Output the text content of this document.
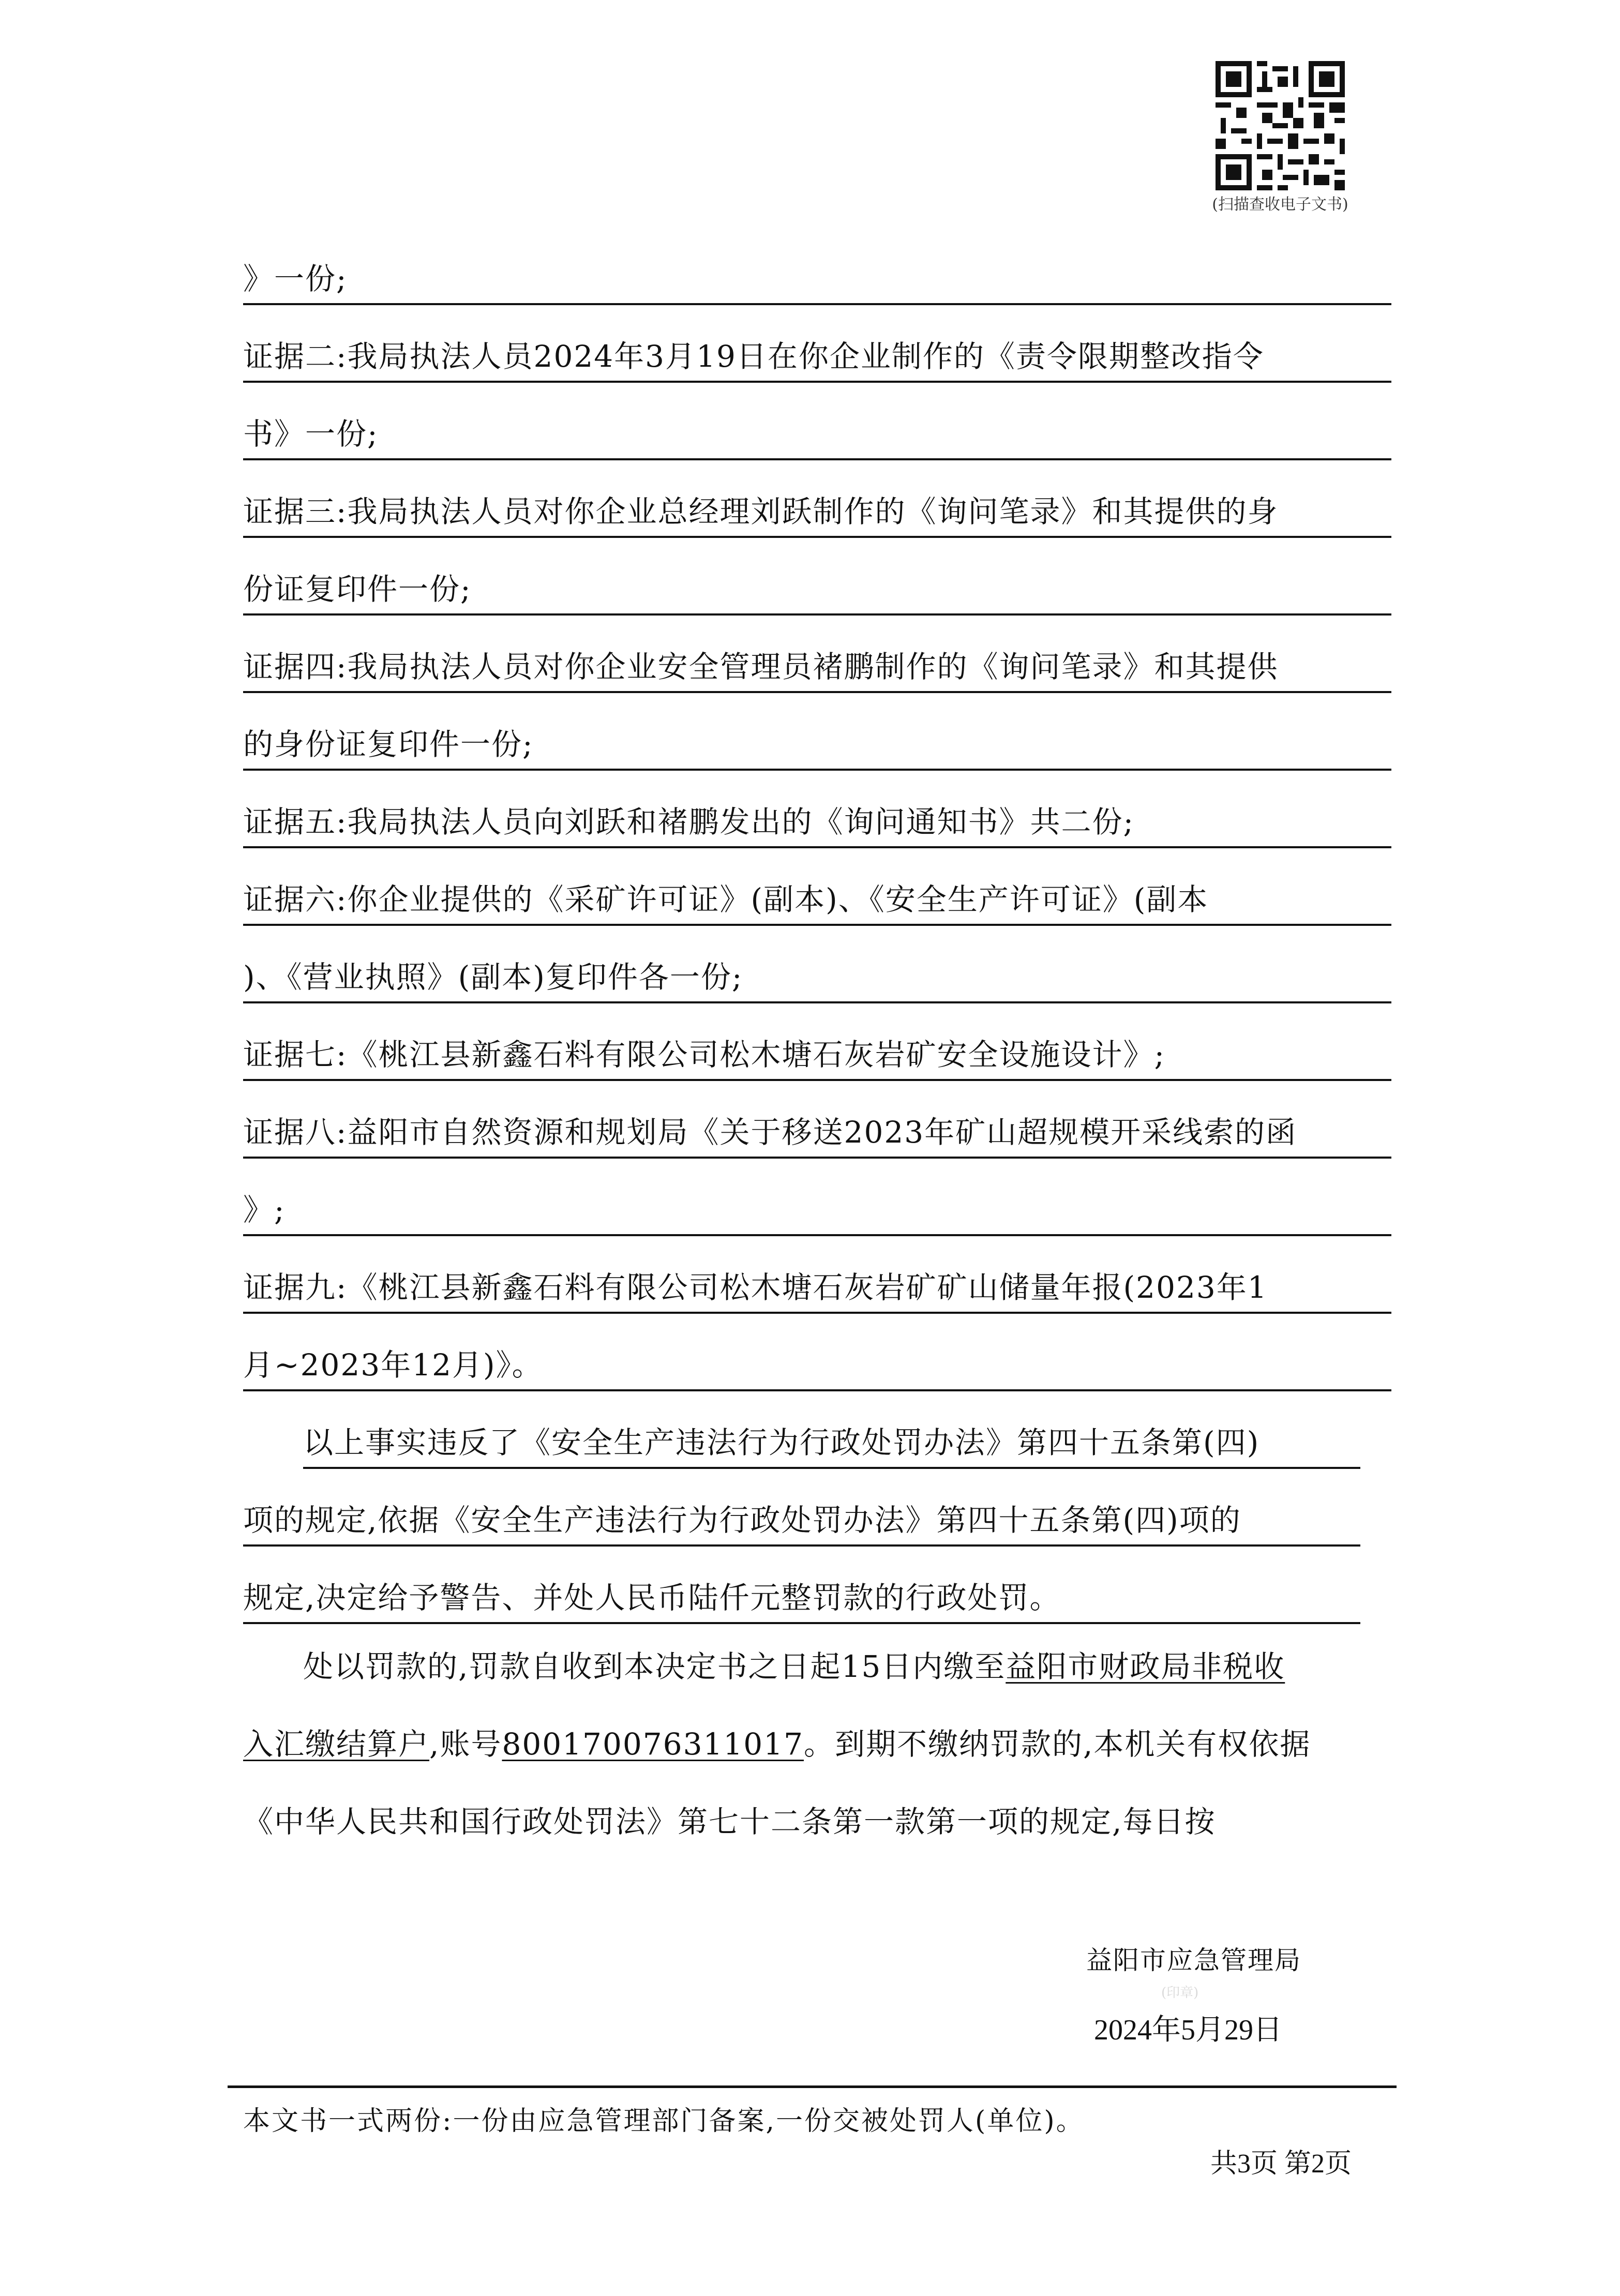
(扫描查收电子文书)
》一份;
证据二:我局执法人员2024年3月19日在你企业制作的《责令限期整改指令
书》一份;
证据三:我局执法人员对你企业总经理刘跃制作的《询问笔录》和其提供的身
份证复印件一份;
证据四:我局执法人员对你企业安全管理员褚鹏制作的《询问笔录》和其提供
的身份证复印件一份;
证据五:我局执法人员向刘跃和褚鹏发出的《询问通知书》共二份;
证据六:你企业提供的《采矿许可证》(副本)、《安全生产许可证》(副本
)、《营业执照》(副本)复印件各一份;
证据七:《桃江县新鑫石料有限公司松木塘石灰岩矿安全设施设计》;
证据八:益阳市自然资源和规划局《关于移送2023年矿山超规模开采线索的函
》;
证据九:《桃江县新鑫石料有限公司松木塘石灰岩矿矿山储量年报(2023年1
月~2023年12月)》。
以上事实违反了《安全生产违法行为行政处罚办法》第四十五条第(四)
项的规定,依据《安全生产违法行为行政处罚办法》第四十五条第(四)项的
规定,决定给予警告、并处人民币陆仟元整罚款的行政处罚。
处以罚款的,罚款自收到本决定书之日起15日内缴至益阳市财政局非税收
入汇缴结算户,账号800170076311017。到期不缴纳罚款的,本机关有权依据
《中华人民共和国行政处罚法》第七十二条第一款第一项的规定,每日按
益阳市应急管理局
(印章)
2024年5月29日
本文书一式两份:一份由应急管理部门备案,一份交被处罚人(单位)。
共3页 第2页
